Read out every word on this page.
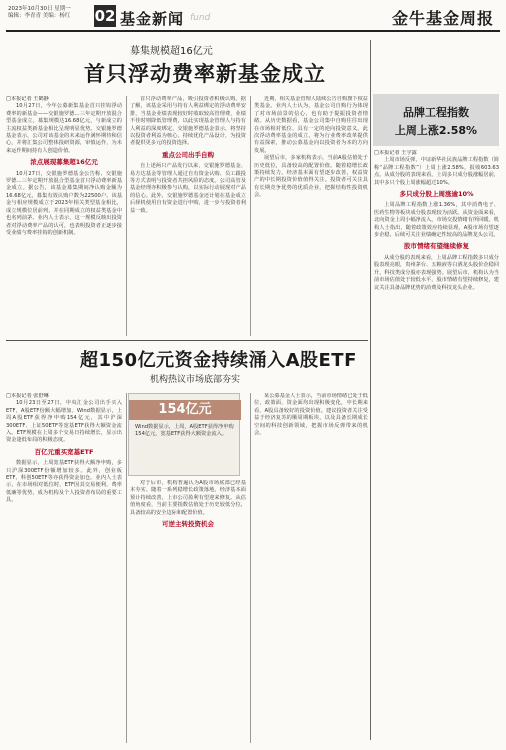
2023年10月30日 星期一
编辑：李青青 美编：杨红 02 基金新闻 fund	金牛基金周报
募集规模超16亿元
首只浮动费率新基金成立
□本报记者 王鹤静

10月27日，今年公募新集基金首只挂钩浮动费率的新基金——交银施罗德…三年定期开放混合型基金成立，募集规模达16.68亿元，与新成立的主流权益类新基金相比呈现明显优势。交银施罗德基金表示，公司对该基金的未来运作满怀期待和信心，并将汇集公司整体投研资源，审慎运作，为未来运作期间持有人创造价值。

浓点展现募集超16亿元

10月27日，交银施罗德基金公告称，交银施罗德…三年定期开放混合型基金首只浮动费率新基金成立。据公告，该基金募集期间净认购金额为16.68亿元，募集有效认购户数为22500户。该基金与相应规模成立于2023年相关类型基金相比，成立规模位居前列，并在同期成立的权益类基金中也名列前茅。业内人士表示，这一规模反映出投资者对浮动费率产品的认可，也表明投资者正逐步接受业绩与费率挂钩的创新机制。

首只浮动费率产品，吸引投资者积极认购。据了解，该基金采用与持有人利益绑定的浮动费率安排，当基金业绩表现较好时收取较高管理费，业绩不佳时则降低管理费，以此实现基金管理人与持有人利益的深度绑定。交银施罗德基金表示，将坚持以投资者利益为核心，持续优化产品设计，为投资者提供更多元的投资选择。

重点公司出手自购

自上述两只产品发行以来，交银施罗德基金、易方达基金等管理人通过自有资金认购、员工跟投等方式表明与投资者共担风险的态度。公司高管及基金经理亦积极参与认购，以实际行动展现对产品的信心。此外，交银施罗德基金还计划在基金成立后择机使用自有资金进行申购，进一步与投资者利益一致。

近期，相关基金管理人陆续公告自购旗下权益类基金。业内人士认为，基金公司自购行为体现了对市场前景的信心，也有助于提振投资者情绪。从历史数据看，基金公司集中自购往往出现在市场相对低位，具有一定的逆向投资意义。此次浮动费率基金的成立，将为行业费率改革提供有益探索，推动公募基金向以投资者为本的方向发展。

展望后市，多家机构表示，当前A股估值处于历史低位，具备较高的配置价值。随着稳增长政策持续发力，经济基本面有望逐步改善，权益资产的中长期投资价值值得关注。投资者可关注具有长期竞争优势的优质企业，把握结构性投资机会。

品牌工程指数
上周上涨2.58%
□本报记者 王宇露

上周市场反弹，中证新华社民族品牌工程指数（简称“品牌工程指数”）上周上涨2.58%，报收603.63点。从成分股的表现来看，上周多只成分股涨幅居前，其中多只个股上周涨幅超过10%。

多只成分股上周涨逾10%

上周品牌工程指数上涨1.36%，其中消费电子、医药生物等板块成分股表现较为活跃。从资金面来看，北向资金上周小幅净流入，市场交投情绪有所回暖。机构人士指出，随着政策效应持续显现，A股市场有望逐步企稳，后续可关注业绩确定性较高的品牌龙头公司。

股市情绪有望继续修复

从成分股的表现来看，上周品牌工程指数多只成分股表现亮眼，贵州茅台、五粮液等白酒龙头股价企稳回升，科技类成分股亦表现强势。展望后市，机构认为当前市场估值处于较低水平，股市情绪有望持续修复，建议关注具备品牌优势的消费及科技龙头企业。

超150亿元资金持续涌入A股ETF
机构热议市场底部夯实
154亿元
Wind数据显示，上周，A股ETF获得净申购154亿元，宽基ETF获得大额资金流入。
□本报记者 张舒琳

10月23日至27日，中央汇金公司出手买入ETF，A股ETF份额大幅增加。Wind数据显示，上周A股ETF获得净申购154亿元，其中沪深300ETF、上证50ETF等宽基ETF获得大额资金流入。ETF规模在上周多个交易日持续增长，显示出资金逢低布局的积极态度。

百亿元重买宽基ETF

数据显示，上周宽基ETF获得大额净申购，多只沪深300ETF份额增加较多。此外，创业板ETF、科创50ETF等亦获得资金加仓。业内人士表示，在市场相对低位时，ETF因其交易便利、费率低廉等优势，成为机构及个人投资者布局的重要工具。

对于后市，机构普遍认为A股市场底部已经基本夯实。随着一系列稳增长政策落地，经济基本面预计持续改善，上市公司盈利有望迎来修复。从估值角度看，当前主要指数估值处于历史较低分位，具备较高的安全边际和配置价值。

可逆主转投资机会

某公募基金人士表示，当前市场情绪已处于低位，政策面、资金面均出现积极变化，中长期来看，A股具备较好的投资价值。建议投资者关注受益于经济复苏的顺周期板块，以及具备长期成长空间的科技创新领域，把握市场反弹带来的机会。
